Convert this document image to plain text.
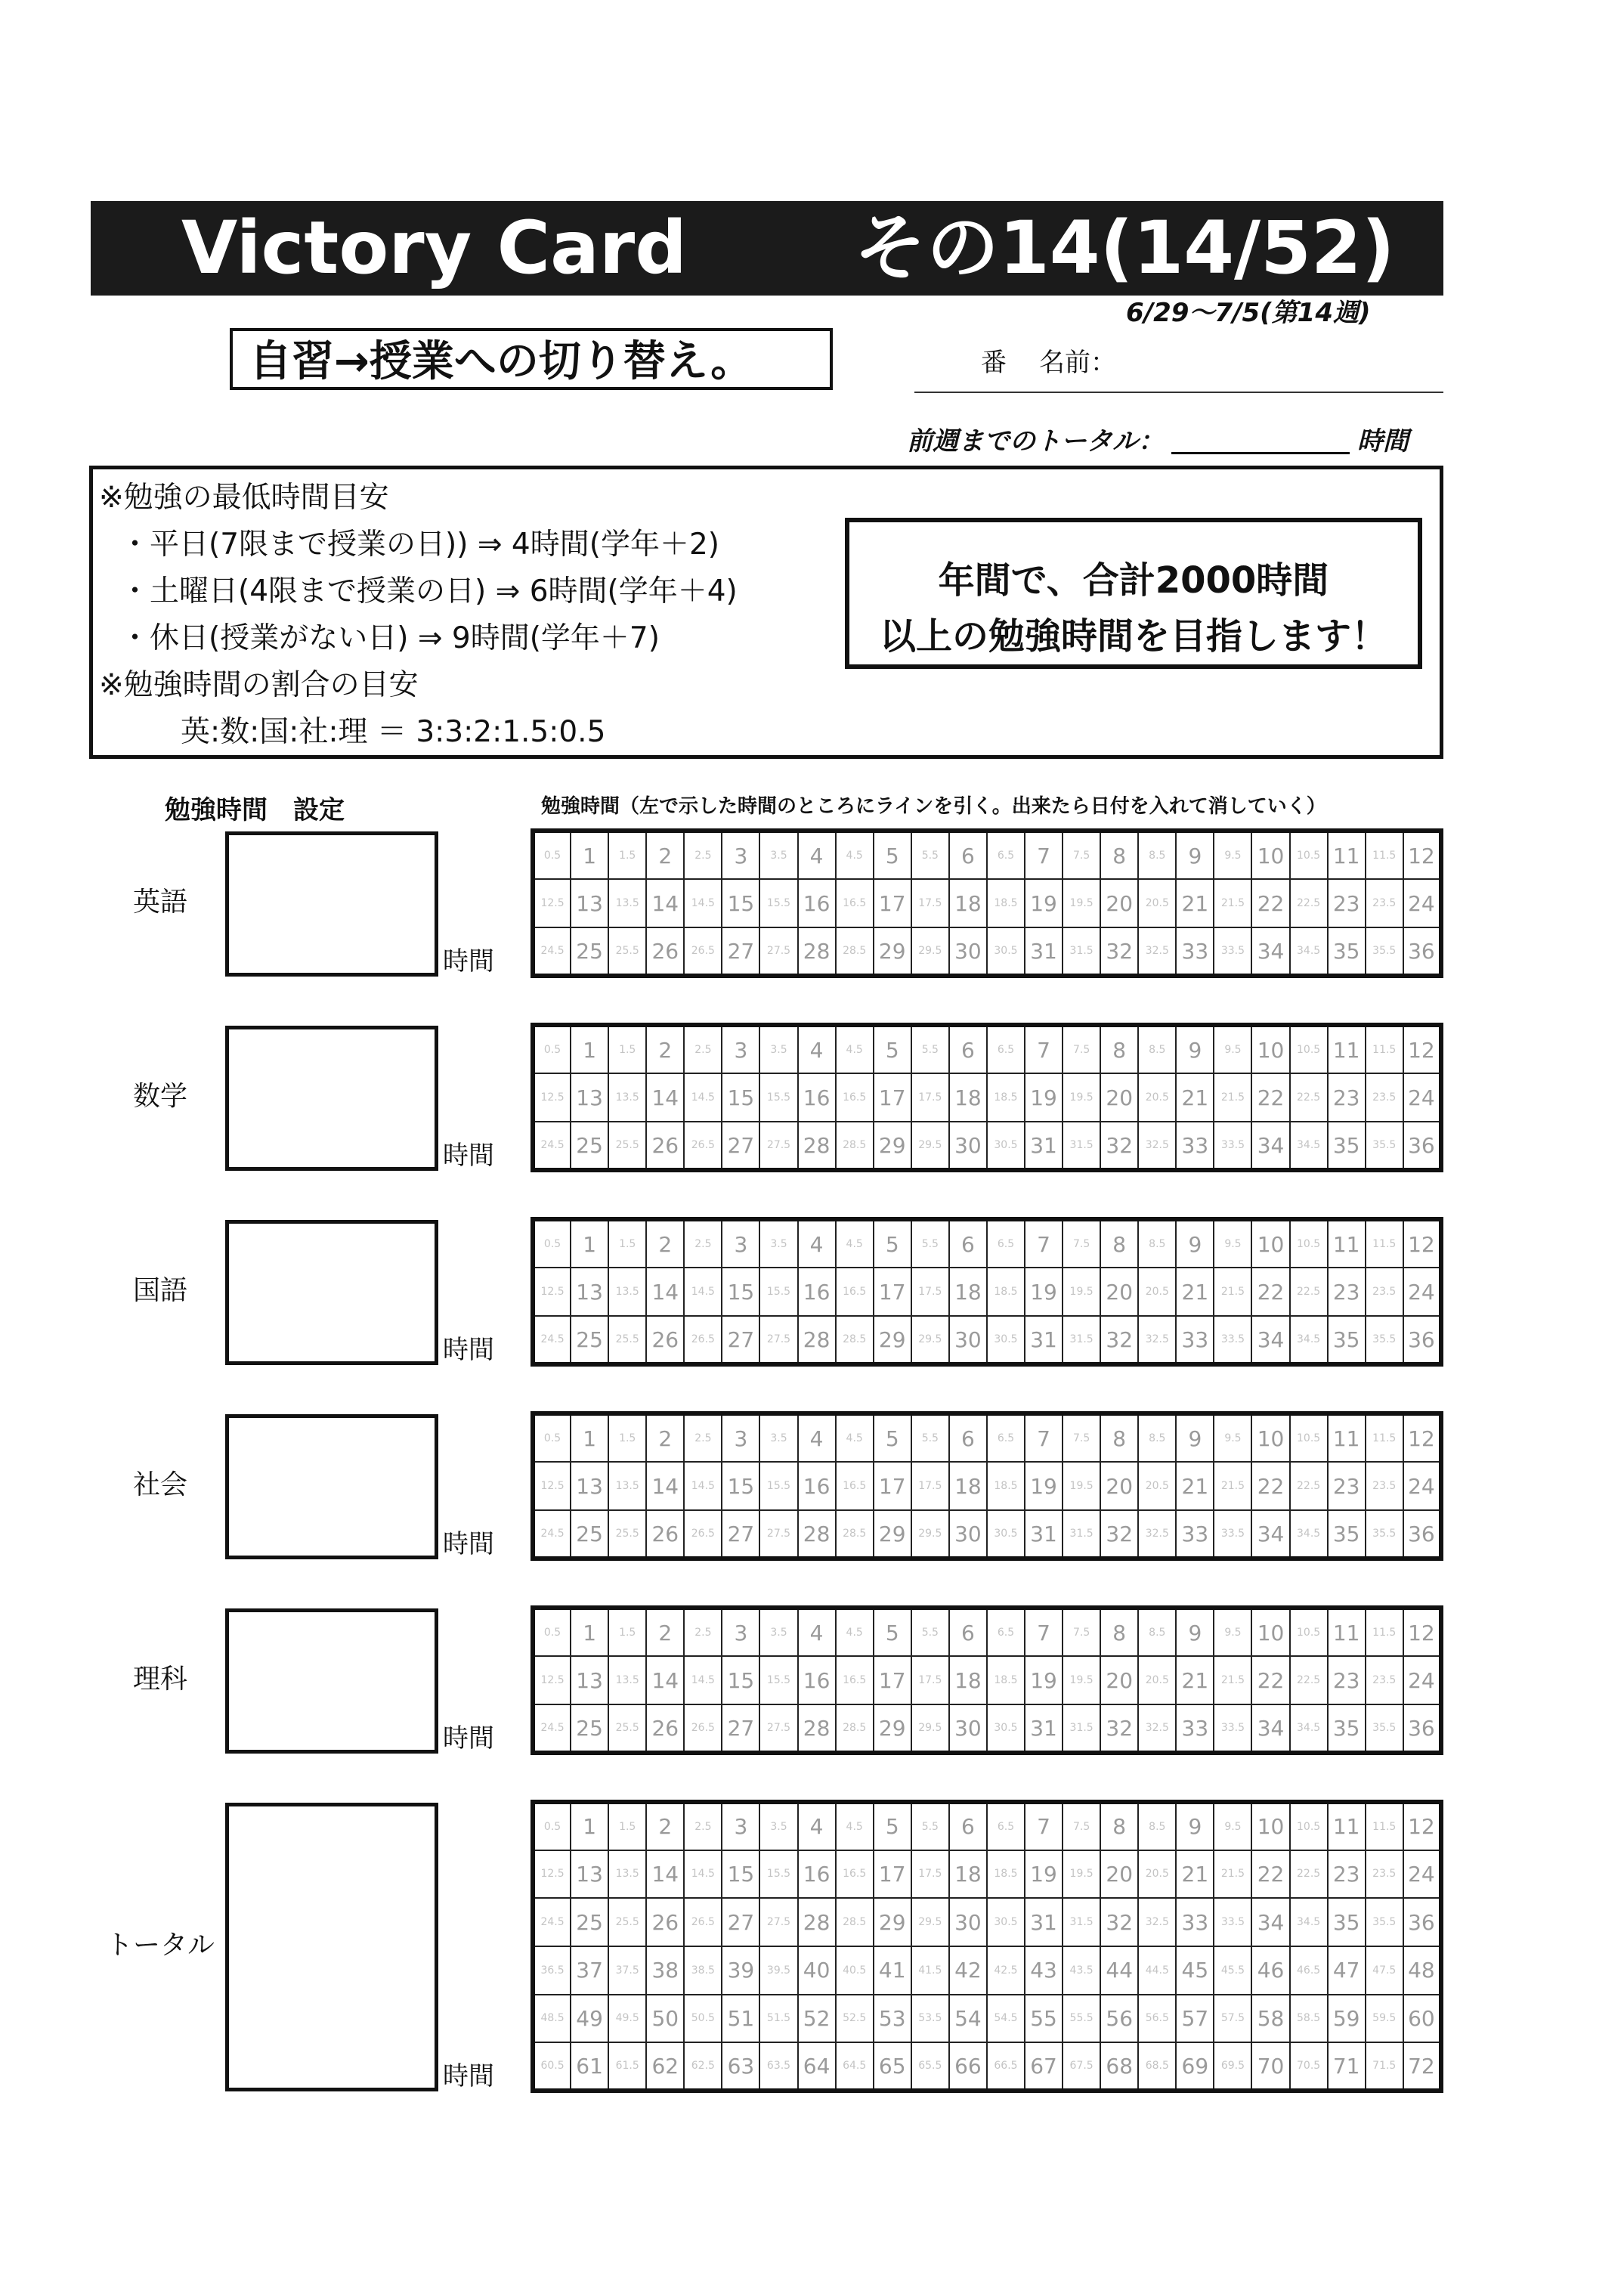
Victory Card その14(14/52)
6/29〜7/5(第14週)
自習→授業への切り替え。	番 名前：
前週までのトータル：	時間
※勉強の最低時間目安
・平日(7限まで授業の日)) ⇒ 4時間(学年＋2)
・土曜日(4限まで授業の日) ⇒ 6時間(学年＋4)
・休日(授業がない日) ⇒ 9時間(学年＋7)
※勉強時間の割合の目安
英:数:国:社:理 ＝ 3:3:2:1.5:0.5
年間で、合計2000時間
以上の勉強時間を目指します！
勉強時間　設定	勉強時間（左で示した時間のところにラインを引く。出来たら日付を入れて消していく）
英語
時間
0.5	1	1.5	2	2.5	3	3.5	4	4.5	5	5.5	6	6.5	7	7.5	8	8.5	9	9.5	10	10.5	11	11.5	12
12.5	13	13.5	14	14.5	15	15.5	16	16.5	17	17.5	18	18.5	19	19.5	20	20.5	21	21.5	22	22.5	23	23.5	24
24.5	25	25.5	26	26.5	27	27.5	28	28.5	29	29.5	30	30.5	31	31.5	32	32.5	33	33.5	34	34.5	35	35.5	36
数学
時間
0.5	1	1.5	2	2.5	3	3.5	4	4.5	5	5.5	6	6.5	7	7.5	8	8.5	9	9.5	10	10.5	11	11.5	12
12.5	13	13.5	14	14.5	15	15.5	16	16.5	17	17.5	18	18.5	19	19.5	20	20.5	21	21.5	22	22.5	23	23.5	24
24.5	25	25.5	26	26.5	27	27.5	28	28.5	29	29.5	30	30.5	31	31.5	32	32.5	33	33.5	34	34.5	35	35.5	36
国語
時間
0.5	1	1.5	2	2.5	3	3.5	4	4.5	5	5.5	6	6.5	7	7.5	8	8.5	9	9.5	10	10.5	11	11.5	12
12.5	13	13.5	14	14.5	15	15.5	16	16.5	17	17.5	18	18.5	19	19.5	20	20.5	21	21.5	22	22.5	23	23.5	24
24.5	25	25.5	26	26.5	27	27.5	28	28.5	29	29.5	30	30.5	31	31.5	32	32.5	33	33.5	34	34.5	35	35.5	36
社会
時間
0.5	1	1.5	2	2.5	3	3.5	4	4.5	5	5.5	6	6.5	7	7.5	8	8.5	9	9.5	10	10.5	11	11.5	12
12.5	13	13.5	14	14.5	15	15.5	16	16.5	17	17.5	18	18.5	19	19.5	20	20.5	21	21.5	22	22.5	23	23.5	24
24.5	25	25.5	26	26.5	27	27.5	28	28.5	29	29.5	30	30.5	31	31.5	32	32.5	33	33.5	34	34.5	35	35.5	36
理科
時間
0.5	1	1.5	2	2.5	3	3.5	4	4.5	5	5.5	6	6.5	7	7.5	8	8.5	9	9.5	10	10.5	11	11.5	12
12.5	13	13.5	14	14.5	15	15.5	16	16.5	17	17.5	18	18.5	19	19.5	20	20.5	21	21.5	22	22.5	23	23.5	24
24.5	25	25.5	26	26.5	27	27.5	28	28.5	29	29.5	30	30.5	31	31.5	32	32.5	33	33.5	34	34.5	35	35.5	36
トータル
時間
0.5	1	1.5	2	2.5	3	3.5	4	4.5	5	5.5	6	6.5	7	7.5	8	8.5	9	9.5	10	10.5	11	11.5	12
12.5	13	13.5	14	14.5	15	15.5	16	16.5	17	17.5	18	18.5	19	19.5	20	20.5	21	21.5	22	22.5	23	23.5	24
24.5	25	25.5	26	26.5	27	27.5	28	28.5	29	29.5	30	30.5	31	31.5	32	32.5	33	33.5	34	34.5	35	35.5	36
36.5	37	37.5	38	38.5	39	39.5	40	40.5	41	41.5	42	42.5	43	43.5	44	44.5	45	45.5	46	46.5	47	47.5	48
48.5	49	49.5	50	50.5	51	51.5	52	52.5	53	53.5	54	54.5	55	55.5	56	56.5	57	57.5	58	58.5	59	59.5	60
60.5	61	61.5	62	62.5	63	63.5	64	64.5	65	65.5	66	66.5	67	67.5	68	68.5	69	69.5	70	70.5	71	71.5	72
